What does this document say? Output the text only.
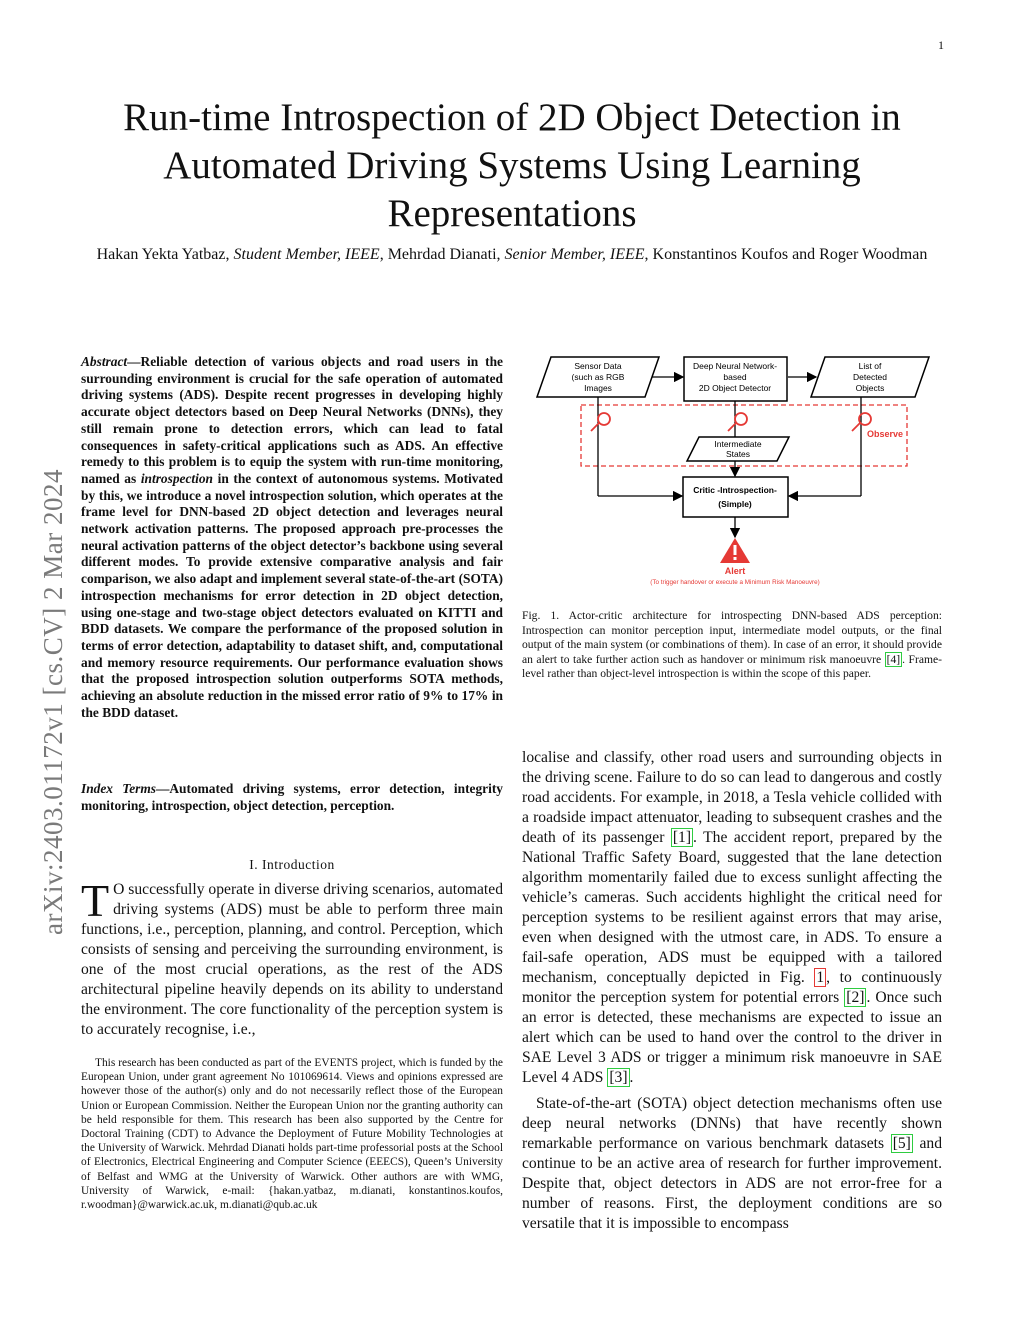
1
Run-time Introspection of 2D Object Detection in Automated Driving Systems Using Learning Representations
Hakan Yekta Yatbaz, Student Member, IEEE, Mehrdad Dianati, Senior Member, IEEE, Konstantinos Koufos and Roger Woodman
arXiv:2403.01172v1 [cs.CV] 2 Mar 2024
Abstract—Reliable detection of various objects and road users in the surrounding environment is crucial for the safe operation of automated driving systems (ADS). Despite recent progresses in developing highly accurate object detectors based on Deep Neural Networks (DNNs), they still remain prone to detection errors, which can lead to fatal consequences in safety-critical applications such as ADS. An effective remedy to this problem is to equip the system with run-time monitoring, named as introspection in the context of autonomous systems. Motivated by this, we introduce a novel introspection solution, which operates at the frame level for DNN-based 2D object detection and leverages neural network activation patterns. The proposed approach pre-processes the neural activation patterns of the object detector’s backbone using several different modes. To provide extensive comparative analysis and fair comparison, we also adapt and implement several state-of-the-art (SOTA) introspection mechanisms for error detection in 2D object detection, using one-stage and two-stage object detectors evaluated on KITTI and BDD datasets. We compare the performance of the proposed solution in terms of error detection, adaptability to dataset shift, and, computational and memory resource requirements. Our performance evaluation shows that the proposed introspection solution outperforms SOTA methods, achieving an absolute reduction in the missed error ratio of 9% to 17% in the BDD dataset.
Index Terms—Automated driving systems, error detection, integrity monitoring, introspection, object detection, perception.
I. Introduction
T O successfully operate in diverse driving scenarios, automated driving systems (ADS) must be able to perform three main functions, i.e., perception, planning, and control. Perception, which consists of sensing and perceiving the surrounding environment, is one of the most crucial operations, as the rest of the ADS architectural pipeline heavily depends on its ability to understand the environment. The core functionality of the perception system is to accurately recognise, i.e.,

This research has been conducted as part of the EVENTS project, which is funded by the European Union, under grant agreement No 101069614. Views and opinions expressed are however those of the author(s) only and do not necessarily reflect those of the European Union or European Commission. Neither the European Union nor the granting authority can be held responsible for them. This research has been also supported by the Centre for Doctoral Training (CDT) to Advance the Deployment of Future Mobility Technologies at the University of Warwick. Mehrdad Dianati holds part-time professorial posts at the School of Electronics, Electrical Engineering and Computer Science (EEECS), Queen’s University of Belfast and WMG at the University of Warwick. Other authors are with WMG, University of Warwick, e-mail: {hakan.yatbaz, m.dianati, konstantinos.koufos, r.woodman}@warwick.ac.uk, m.dianati@qub.ac.uk

Sensor Data
(such as RGB
Images
Deep Neural Network-
based
2D Object Detector
List of
Detected
Objects
Observe
Intermediate
States
Critic -Introspection-
(Simple)
Alert
(To trigger handover or execute a Minimum Risk Manoeuvre)
Fig. 1. Actor-critic architecture for introspecting DNN-based ADS perception: Introspection can monitor perception input, intermediate model outputs, or the final output of the main system (or combinations of them). In case of an error, it should provide an alert to take further action such as handover or minimum risk manoeuvre [4] . Frame-level rather than object-level introspection is within the scope of this paper.

localise and classify, other road users and surrounding objects in the driving scene. Failure to do so can lead to dangerous and costly road accidents. For example, in 2018, a Tesla vehicle collided with a roadside impact attenuator, leading to subsequent crashes and the death of its passenger [1] . The accident report, prepared by the National Traffic Safety Board, suggested that the lane detection algorithm momentarily failed due to excess sunlight affecting the vehicle’s cameras. Such accidents highlight the critical need for perception systems to be resilient against errors that may arise, even when designed with the utmost care, in ADS. To ensure a fail-safe operation, ADS must be equipped with a tailored mechanism, conceptually depicted in Fig. 1 , to continuously monitor the perception system for potential errors [2] . Once such an error is detected, these mechanisms are expected to issue an alert which can be used to hand over the control to the driver in SAE Level 3 ADS or trigger a minimum risk manoeuvre in SAE Level 4 ADS [3] .

State-of-the-art (SOTA) object detection mechanisms often use deep neural networks (DNNs) that have recently shown remarkable performance on various benchmark datasets [5] and continue to be an active area of research for further improvement. Despite that, object detectors in ADS are not error-free for a number of reasons. First, the deployment conditions are so versatile that it is impossible to encompass
